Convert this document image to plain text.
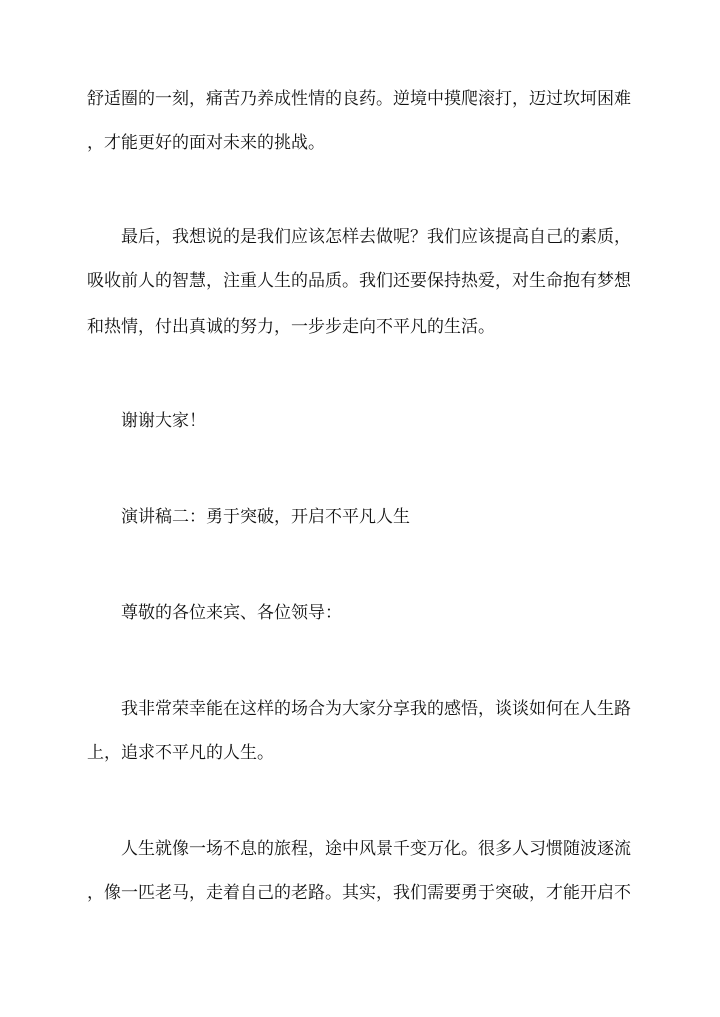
舒适圈的一刻，痛苦乃养成性情的良药。逆境中摸爬滚打，迈过坎坷困难

，才能更好的面对未来的挑战。

最后，我想说的是我们应该怎样去做呢？我们应该提高自己的素质，

吸收前人的智慧，注重人生的品质。我们还要保持热爱，对生命抱有梦想

和热情，付出真诚的努力，一步步走向不平凡的生活。

谢谢大家！

演讲稿二：勇于突破，开启不平凡人生

尊敬的各位来宾、各位领导：

我非常荣幸能在这样的场合为大家分享我的感悟，谈谈如何在人生路

上，追求不平凡的人生。

人生就像一场不息的旅程，途中风景千变万化。很多人习惯随波逐流

，像一匹老马，走着自己的老路。其实，我们需要勇于突破，才能开启不
